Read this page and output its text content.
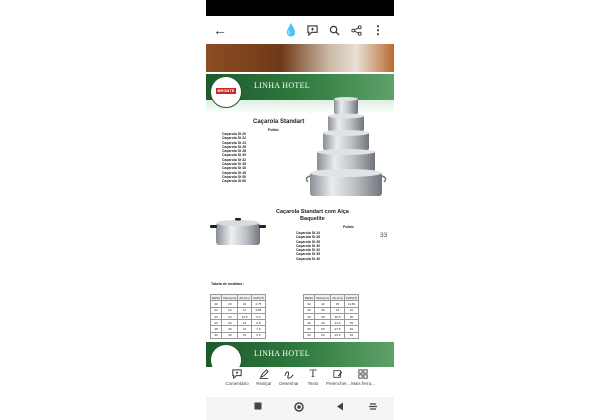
←	💧	⋮
LINHA HOTEL
BRONTE
Caçarola Standart
Polido
Caçarola St 20
Caçarola St 22
Caçarola St 24
Caçarola St 26
Caçarola St 28
Caçarola St 30
Caçarola St 32
Caçarola St 35
Caçarola St 40
Caçarola St 45
Caçarola St 50
Caçarola St 60
Caçarola Standart com Alça
Baquelite
Polido
33
Caçarola St 24
Caçarola St 26
Caçarola St 28
Caçarola St 30
Caçarola St 32
Caçarola St 35
Caçarola St 40
Tabela de medidas :
DESC	Diam(cm)	Alt (cm)	CAP(LT)
20	20	10	2,75
22	22	11	3,85
24	24	12,5	5,2
26	26	13	6,8
28	28	13	7,9
30	30	15	9,5
DESC	Diam(cm)	Alt (cm)	CAP(LT)
32	32	15	11,65
35	35	16	15
40	40	20,5	26
45	45	21,5	33
50	50	27,5	49
60	60	23,5	64
LINHA HOTEL
Comentário	Realçar	Desenhar
T
Texto	Preencher... Mais ferra...
